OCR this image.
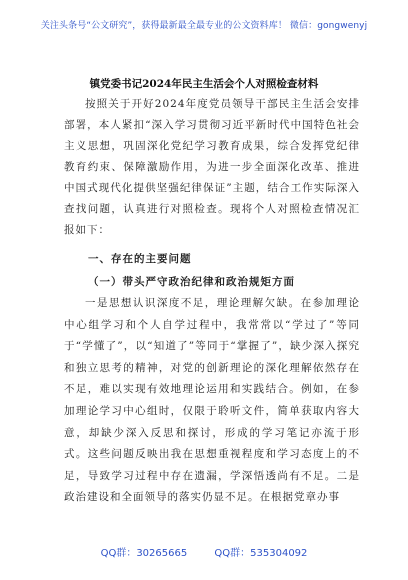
关注头条号“公文研究”，获得最新最全最专业的公文资料库！ 微信：gongwenyj
镇党委书记2024年民主生活会个人对照检查材料

按照关于开好2024年度党员领导干部民主生活会安排部署，本人紧扣“深入学习贯彻习近平新时代中国特色社会主义思想，巩固深化党纪学习教育成果，综合发挥党纪律教育约束、保障激励作用，为进一步全面深化改革、推进中国式现代化提供坚强纪律保证”主题，结合工作实际深入查找问题，认真进行对照检查。现将个人对照检查情况汇报如下：

一、存在的主要问题
（一）带头严守政治纪律和政治规矩方面

一是思想认识深度不足，理论理解欠缺。在参加理论中心组学习和个人自学过程中，我常常以“学过了”等同于“学懂了”，以“知道了”等同于“掌握了”，缺少深入探究和独立思考的精神，对党的创新理论的深化理解依然存在不足，难以实现有效地理论运用和实践结合。例如，在参加理论学习中心组时，仅限于聆听文件，简单获取内容大意，却缺少深入反思和探讨，形成的学习笔记亦流于形式。这些问题反映出我在思想重视程度和学习态度上的不足，导致学习过程中存在遗漏，学深悟透尚有不足。二是政治建设和全面领导的落实仍显不足。在根据党章办事

QQ群：30265665	QQ群：535304092
